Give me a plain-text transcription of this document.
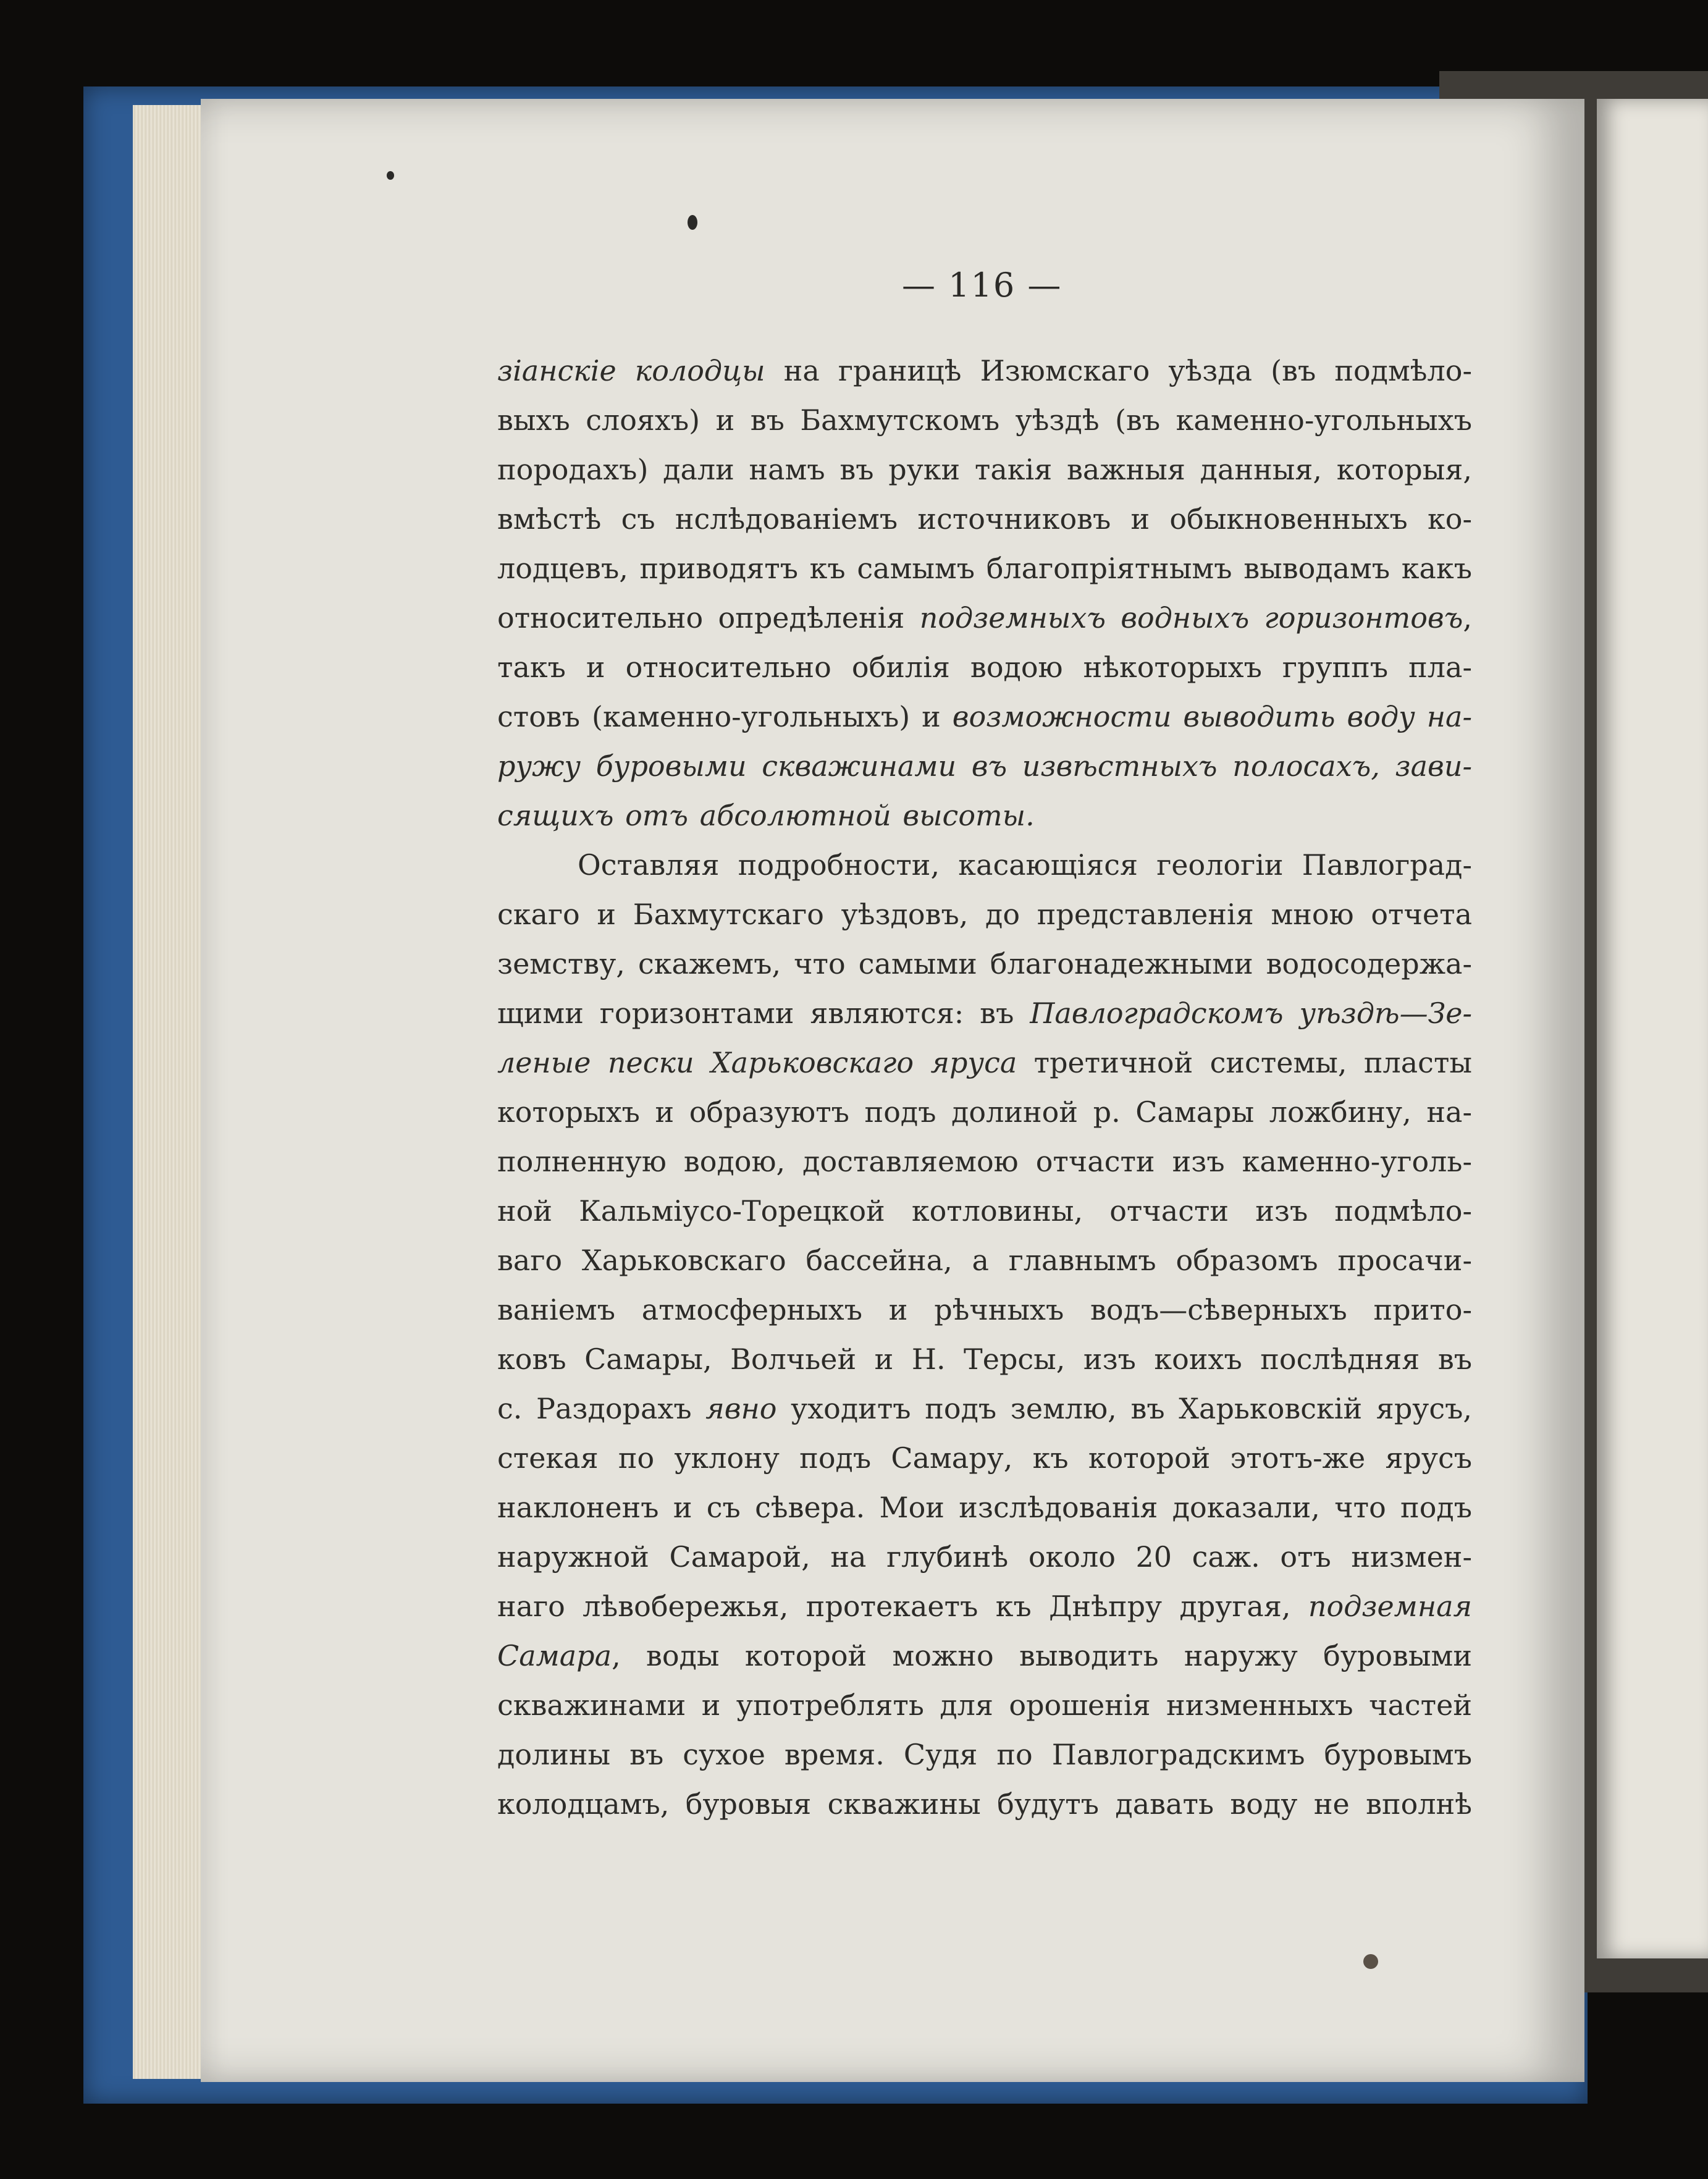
— 116 —
зіанскіе колодцы на границѣ Изюмскаго уѣзда (въ подмѣло-
выхъ слояхъ) и въ Бахмутскомъ уѣздѣ (въ каменно-угольныхъ
породахъ) дали намъ въ руки такія важныя данныя, которыя,
вмѣстѣ съ нслѣдованіемъ источниковъ и обыкновенныхъ ко-
лодцевъ, приводятъ къ самымъ благопріятнымъ выводамъ какъ
относительно опредѣленія подземныхъ водныхъ горизонтовъ,
такъ и относительно обилія водою нѣкоторыхъ группъ пла-
стовъ (каменно-угольныхъ) и возможности выводить воду на-
ружу буровыми скважинами въ извѣстныхъ полосахъ, зави-
сящихъ отъ абсолютной высоты.
Оставляя подробности, касающіяся геологіи Павлоград-
скаго и Бахмутскаго уѣздовъ, до представленія мною отчета
земству, скажемъ, что самыми благонадежными водосодержа-
щими горизонтами являются: въ Павлоградскомъ уѣздѣ—Зе-
леные пески Харьковскаго яруса третичной системы, пласты
которыхъ и образуютъ подъ долиной р. Самары ложбину, на-
полненную водою, доставляемою отчасти изъ каменно-уголь-
ной Кальміусо-Торецкой котловины, отчасти изъ подмѣло-
ваго Харьковскаго бассейна, а главнымъ образомъ просачи-
ваніемъ атмосферныхъ и рѣчныхъ водъ—сѣверныхъ прито-
ковъ Самары, Волчьей и Н. Терсы, изъ коихъ послѣдняя въ
с. Раздорахъ явно уходитъ подъ землю, въ Харьковскій ярусъ,
стекая по уклону подъ Самару, къ которой этотъ-же ярусъ
наклоненъ и съ сѣвера. Мои изслѣдованія доказали, что подъ
наружной Самарой, на глубинѣ около 20 саж. отъ низмен-
наго лѣвобережья, протекаетъ къ Днѣпру другая, подземная
Самара, воды которой можно выводить наружу буровыми
скважинами и употреблять для орошенія низменныхъ частей
долины въ сухое время. Судя по Павлоградскимъ буровымъ
колодцамъ, буровыя скважины будутъ давать воду не вполнѣ
